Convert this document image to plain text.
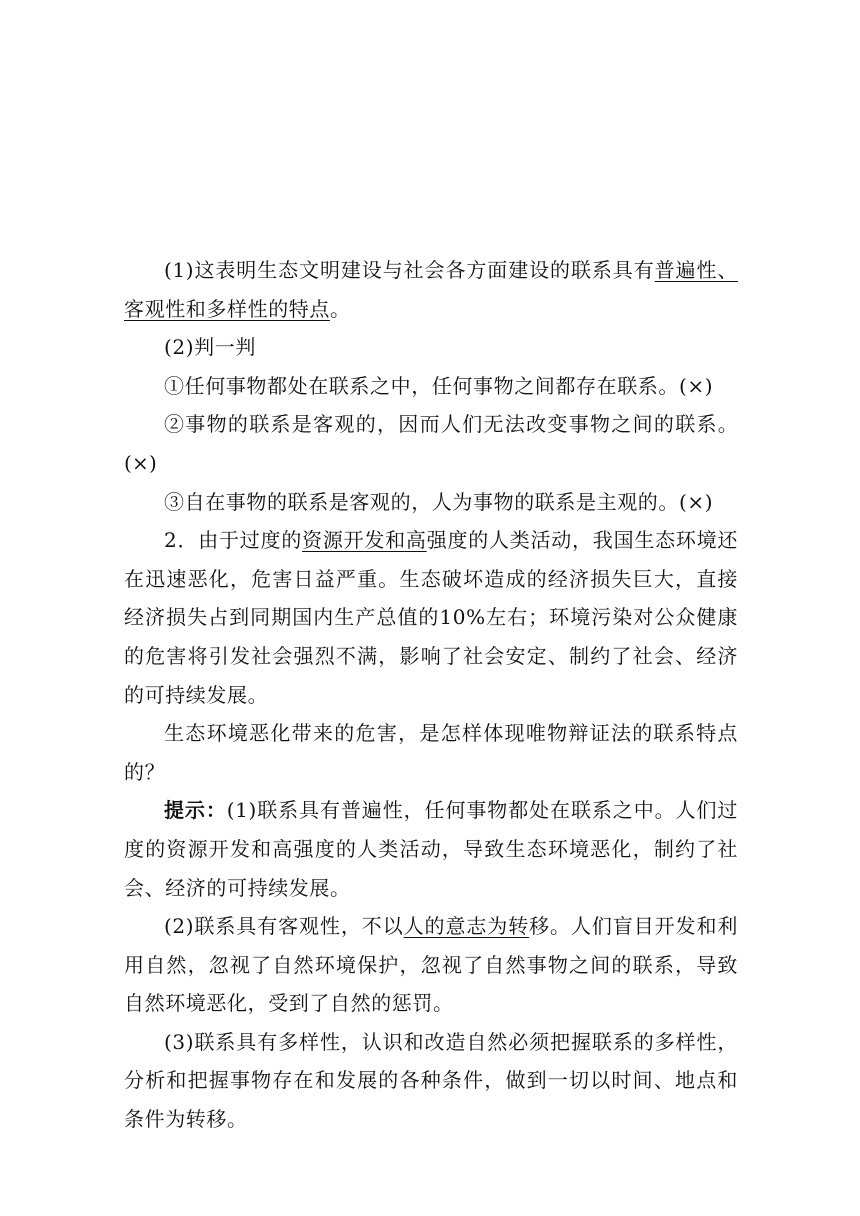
(1)这表明生态文明建设与社会各方面建设的联系具有普遍性、客观性和多样性的特点。

(2)判一判

①任何事物都处在联系之中，任何事物之间都存在联系。(×)

②事物的联系是客观的，因而人们无法改变事物之间的联系。(×)

③自在事物的联系是客观的，人为事物的联系是主观的。(×)

2．由于过度的资源开发和高强度的人类活动，我国生态环境还在迅速恶化，危害日益严重。生态破坏造成的经济损失巨大，直接经济损失占到同期国内生产总值的10%左右；环境污染对公众健康的危害将引发社会强烈不满，影响了社会安定、制约了社会、经济的可持续发展。

生态环境恶化带来的危害，是怎样体现唯物辩证法的联系特点的？

提示：(1)联系具有普遍性，任何事物都处在联系之中。人们过度的资源开发和高强度的人类活动，导致生态环境恶化，制约了社会、经济的可持续发展。

(2)联系具有客观性，不以人的意志为转移。人们盲目开发和利用自然，忽视了自然环境保护，忽视了自然事物之间的联系，导致自然环境恶化，受到了自然的惩罚。

(3)联系具有多样性，认识和改造自然必须把握联系的多样性，分析和把握事物存在和发展的各种条件，做到一切以时间、地点和条件为转移。
